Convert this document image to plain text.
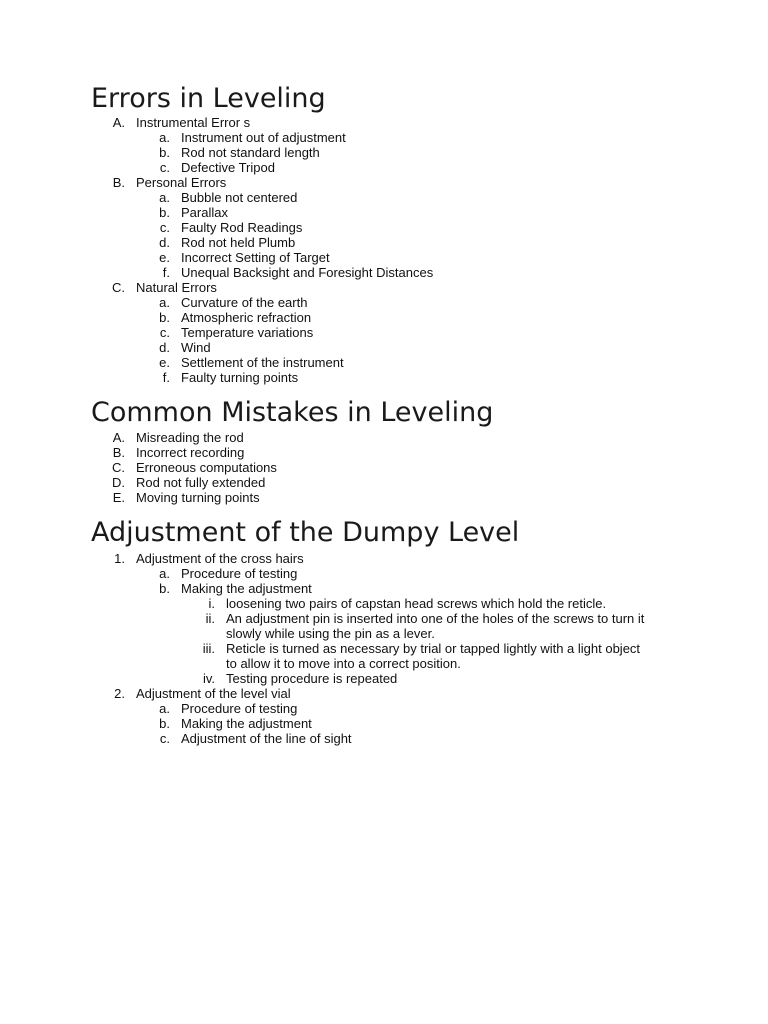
Errors in Leveling
A. Instrumental Error s
a. Instrument out of adjustment
b. Rod not standard length
c. Defective Tripod
B. Personal Errors
a. Bubble not centered
b. Parallax
c. Faulty Rod Readings
d. Rod not held Plumb
e. Incorrect Setting of Target
f. Unequal Backsight and Foresight Distances
C. Natural Errors
a. Curvature of the earth
b. Atmospheric refraction
c. Temperature variations
d. Wind
e. Settlement of the instrument
f. Faulty turning points
Common Mistakes in Leveling
A. Misreading the rod
B. Incorrect recording
C. Erroneous computations
D. Rod not fully extended
E. Moving turning points
Adjustment of the Dumpy Level
1. Adjustment of the cross hairs
a. Procedure of testing
b. Making the adjustment
i. loosening two pairs of capstan head screws which hold the reticle.
ii. An adjustment pin is inserted into one of the holes of the screws to turn it
slowly while using the pin as a lever.
iii. Reticle is turned as necessary by trial or tapped lightly with a light object
to allow it to move into a correct position.
iv. Testing procedure is repeated
2. Adjustment of the level vial
a. Procedure of testing
b. Making the adjustment
c. Adjustment of the line of sight
